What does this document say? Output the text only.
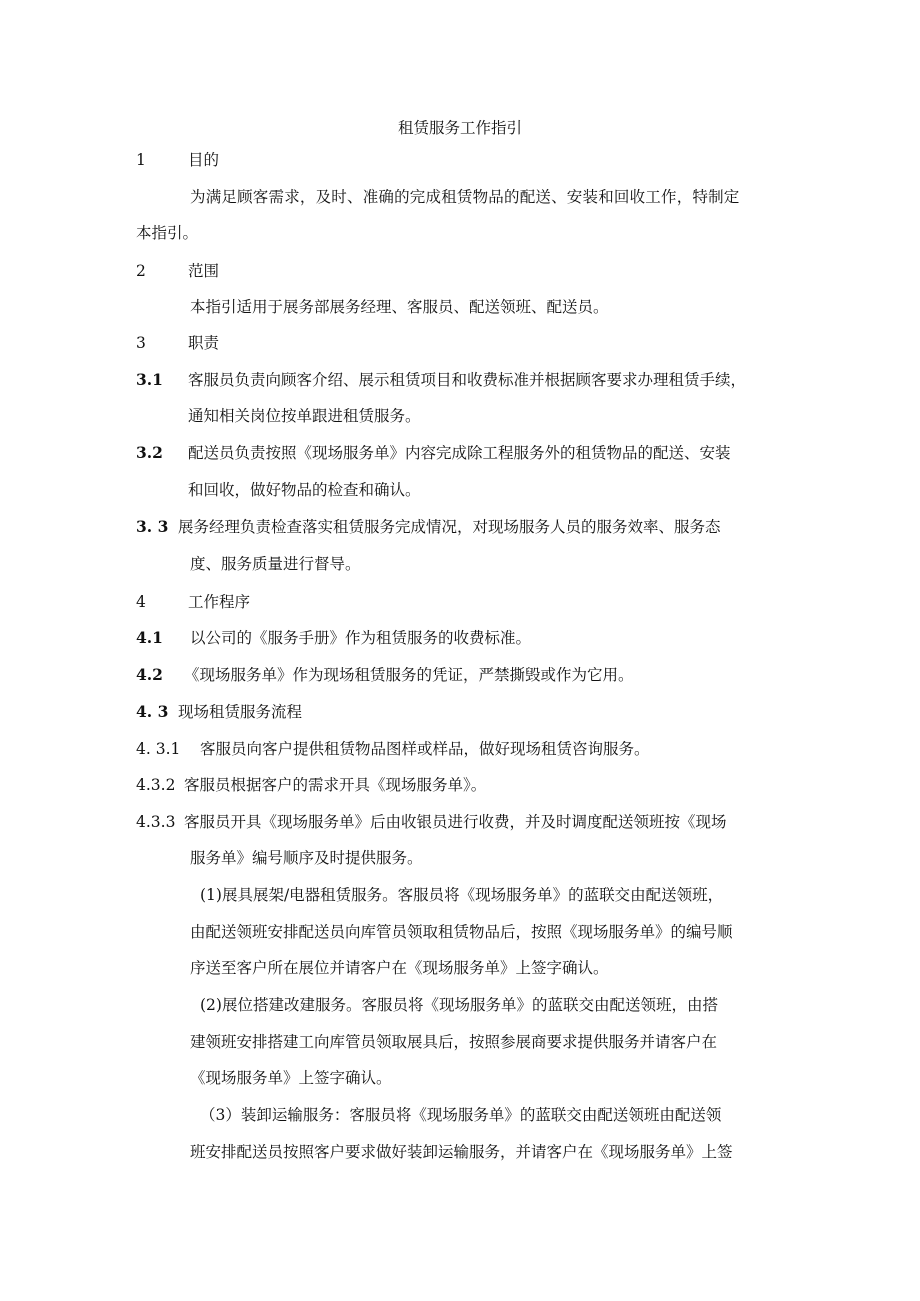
租赁服务工作指引
1	目的
为满足顾客需求，及时、准确的完成租赁物品的配送、安装和回收工作，特制定
本指引。
2	范围
本指引适用于展务部展务经理、客服员、配送领班、配送员。
3	职责
3.1 客服员负责向顾客介绍、展示租赁项目和收费标准并根据顾客要求办理租赁手续，
通知相关岗位按单跟进租赁服务。
3.2 配送员负责按照《现场服务单》内容完成除工程服务外的租赁物品的配送、安装
和回收，做好物品的检查和确认。
3. 3 展务经理负责检查落实租赁服务完成情况，对现场服务人员的服务效率、服务态
度、服务质量进行督导。
4	工作程序
4.1 以公司的《服务手册》作为租赁服务的收费标准。
4.2 《现场服务单》作为现场租赁服务的凭证，严禁撕毁或作为它用。
4. 3 现场租赁服务流程
4. 3.1 客服员向客户提供租赁物品图样或样品，做好现场租赁咨询服务。
4.3.2 客服员根据客户的需求开具《现场服务单》。
4.3.3 客服员开具《现场服务单》后由收银员进行收费，并及时调度配送领班按《现场
服务单》编号顺序及时提供服务。
(1)展具展架/电器租赁服务。客服员将《现场服务单》的蓝联交由配送领班，
由配送领班安排配送员向库管员领取租赁物品后，按照《现场服务单》的编号顺
序送至客户所在展位并请客户在《现场服务单》上签字确认。
(2)展位搭建改建服务。客服员将《现场服务单》的蓝联交由配送领班，由搭
建领班安排搭建工向库管员领取展具后，按照参展商要求提供服务并请客户在
《现场服务单》上签字确认。
（3）装卸运输服务：客服员将《现场服务单》的蓝联交由配送领班由配送领
班安排配送员按照客户要求做好装卸运输服务，并请客户在《现场服务单》上签
